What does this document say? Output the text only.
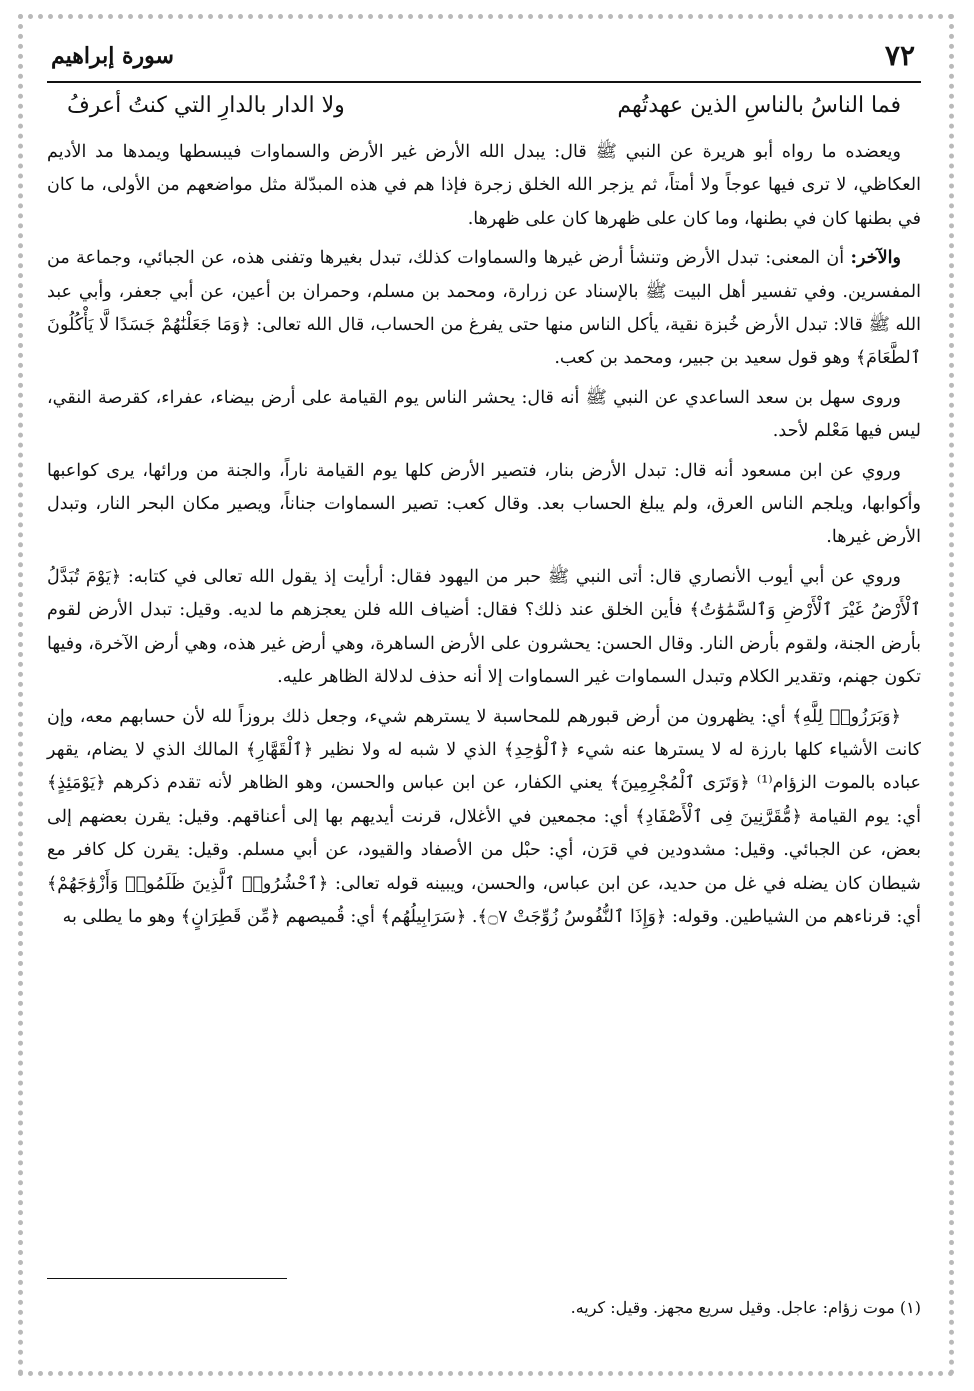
٧٢
سورة إبراهيم
فما الناسُ بالناسِ الذين عهدتُهم
ولا الدار بالدارِ التي كنتُ أعرفُ

ويعضده ما رواه أبو هريرة عن النبي ﷺ قال: يبدل الله الأرض غير الأرض والسماوات فيبسطها ويمدها مد الأديم العكاظي، لا ترى فيها عوجاً ولا أمتاً، ثم يزجر الله الخلق زجرة فإذا هم في هذه المبدّلة مثل مواضعهم من الأولى، ما كان في بطنها كان في بطنها، وما كان على ظهرها كان على ظهرها.

والآخر: أن المعنى: تبدل الأرض وتنشأ أرض غيرها والسماوات كذلك، تبدل بغيرها وتفنى هذه، عن الجبائي، وجماعة من المفسرين. وفي تفسير أهل البيت ﷺ بالإسناد عن زرارة، ومحمد بن مسلم، وحمران بن أعين، عن أبي جعفر، وأبي عبد الله ﷺ قالا: تبدل الأرض خُبزة نقية، يأكل الناس منها حتى يفرغ من الحساب، قال الله تعالى: ﴿وَمَا جَعَلْنَٰهُمْ جَسَدًا لَّا يَأْكُلُونَ ٱلطَّعَامَ﴾ وهو قول سعيد بن جبير، ومحمد بن كعب.

وروى سهل بن سعد الساعدي عن النبي ﷺ أنه قال: يحشر الناس يوم القيامة على أرض بيضاء، عفراء، كقرصة النقي، ليس فيها مَعْلم لأحد.

وروي عن ابن مسعود أنه قال: تبدل الأرض بنار، فتصير الأرض كلها يوم القيامة ناراً، والجنة من ورائها، يرى كواعبها وأكوابها، ويلجم الناس العرق، ولم يبلغ الحساب بعد. وقال كعب: تصير السماوات جناناً، ويصير مكان البحر النار، وتبدل الأرض غيرها.

وروي عن أبي أيوب الأنصاري قال: أتى النبي ﷺ حبر من اليهود فقال: أرأيت إذ يقول الله تعالى في كتابه: ﴿يَوْمَ تُبَدَّلُ ٱلْأَرْضُ غَيْرَ ٱلْأَرْضِ وَٱلسَّمَٰوَٰتُ﴾ فأين الخلق عند ذلك؟ فقال: أضياف الله فلن يعجزهم ما لديه. وقيل: تبدل الأرض لقوم بأرض الجنة، ولقوم بأرض النار. وقال الحسن: يحشرون على الأرض الساهرة، وهي أرض غير هذه، وهي أرض الآخرة، وفيها تكون جهنم، وتقدير الكلام وتبدل السماوات غير السماوات إلا أنه حذف لدلالة الظاهر عليه.

﴿وَبَرَزُوا۟ لِلَّهِ﴾ أي: يظهرون من أرض قبورهم للمحاسبة لا يسترهم شيء، وجعل ذلك بروزاً لله لأن حسابهم معه، وإن كانت الأشياء كلها بارزة له لا يسترها عنه شيء ﴿ٱلْوَٰحِدِ﴾ الذي لا شبه له ولا نظير ﴿ٱلْقَهَّارِ﴾ المالك الذي لا يضام، يقهر عباده بالموت الزؤام⁽¹⁾ ﴿وَتَرَى ٱلْمُجْرِمِينَ﴾ يعني الكفار، عن ابن عباس والحسن، وهو الظاهر لأنه تقدم ذكرهم ﴿يَوْمَئِذٍ﴾ أي: يوم القيامة ﴿مُّقَرَّنِينَ فِى ٱلْأَصْفَادِ﴾ أي: مجمعين في الأغلال، قرنت أيديهم بها إلى أعناقهم. وقيل: يقرن بعضهم إلى بعض، عن الجبائي. وقيل: مشدودين في قرَن، أي: حبْل من الأصفاد والقيود، عن أبي مسلم. وقيل: يقرن كل كافر مع شيطان كان يضله في غل من حديد، عن ابن عباس، والحسن، ويبينه قوله تعالى: ﴿ٱحْشُرُوا۟ ٱلَّذِينَ ظَلَمُوا۟ وَأَزْوَٰجَهُمْ﴾ أي: قرناءهم من الشياطين. وقوله: ﴿وَإِذَا ٱلنُّفُوسُ زُوِّجَتْ ۝٧﴾. ﴿سَرَابِيلُهُم﴾ أي: قُميصهم ﴿مِّن قَطِرَانٍ﴾ وهو ما يطلى به

(١) موت زؤام: عاجل. وقيل سريع مجهز. وقيل: كريه.
